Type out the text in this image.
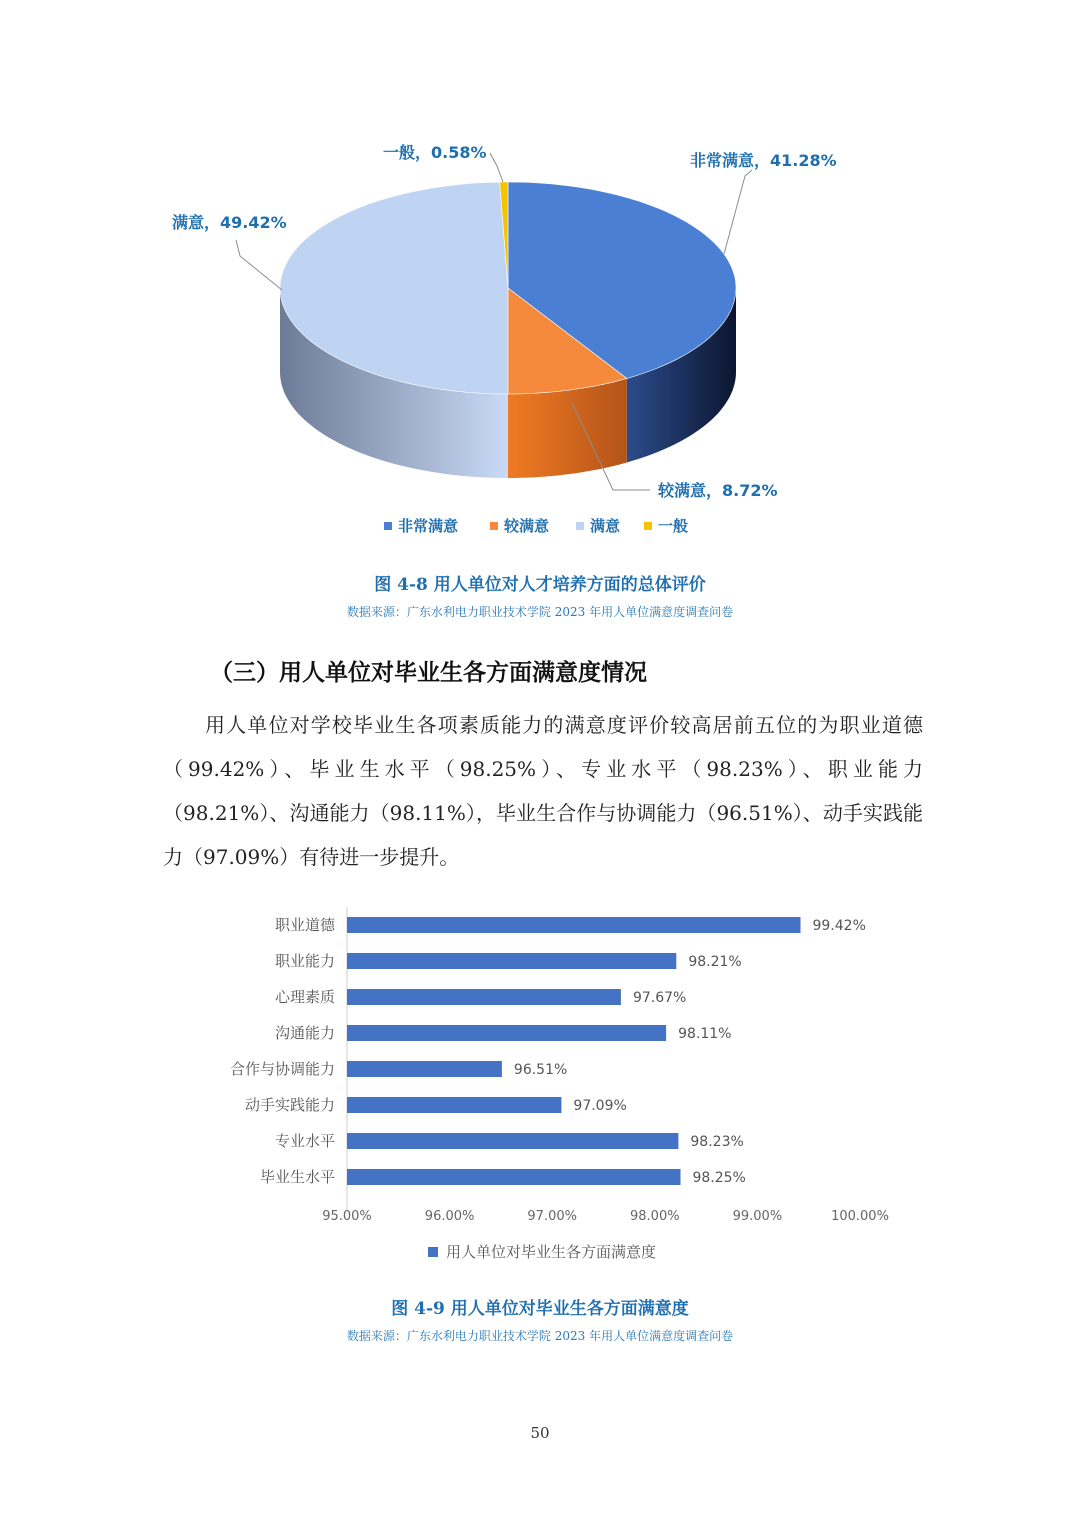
非常满意，41.28%
较满意，8.72%
满意，49.42%
一般，0.58%
非常满意	较满意	满意	一般
图 4-8 用人单位对人才培养方面的总体评价
数据来源：广东水利电力职业技术学院 2023 年用人单位满意度调查问卷
（三）用人单位对毕业生各方面满意度情况
用人单位对学校毕业生各项素质能力的满意度评价较高居前五位的为职业道德（99.42%）、毕业生水平（98.25%）、专业水平（98.23%）、职业能力（98.21%）、沟通能力（98.11%），毕业生合作与协调能力（96.51%）、动手实践能力（97.09%）有待进一步提升。
职业道德
职业能力
心理素质
沟通能力
合作与协调能力
动手实践能力
专业水平
毕业生水平
99.42%
98.21%
97.67%
98.11%
96.51%
97.09%
98.23%
98.25%
95.00%	96.00%	97.00%	98.00%	99.00%	100.00%
用人单位对毕业生各方面满意度
图 4-9 用人单位对毕业生各方面满意度
数据来源：广东水利电力职业技术学院 2023 年用人单位满意度调查问卷
50
